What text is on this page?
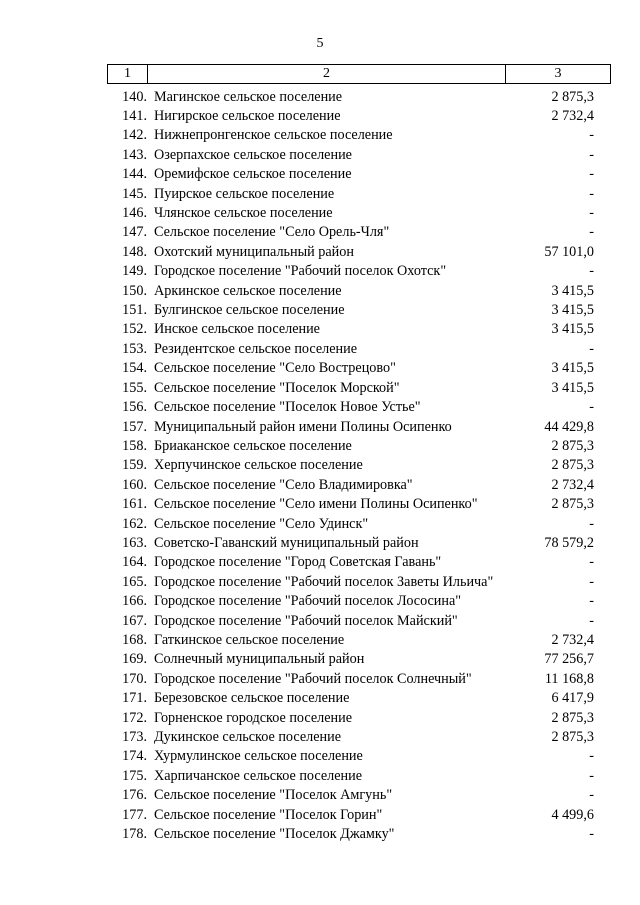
5
1	2	3
140. Магинское сельское поселение	2 875,3
141. Нигирское сельское поселение	2 732,4
142. Нижнепронгенское сельское поселение	-
143. Озерпахское сельское поселение	-
144. Оремифское сельское поселение	-
145. Пуирское сельское поселение	-
146. Члянское сельское поселение	-
147. Сельское поселение "Село Орель-Чля"	-
148. Охотский муниципальный район	57 101,0
149. Городское поселение "Рабочий поселок Охотск"	-
150. Аркинское сельское поселение	3 415,5
151. Булгинское сельское поселение	3 415,5
152. Инское сельское поселение	3 415,5
153. Резидентское сельское поселение	-
154. Сельское поселение "Село Вострецово"	3 415,5
155. Сельское поселение "Поселок Морской"	3 415,5
156. Сельское поселение "Поселок Новое Устье"	-
157. Муниципальный район имени Полины Осипенко	44 429,8
158. Бриаканское сельское поселение	2 875,3
159. Херпучинское сельское поселение	2 875,3
160. Сельское поселение "Село Владимировка"	2 732,4
161. Сельское поселение "Село имени Полины Осипенко"	2 875,3
162. Сельское поселение "Село Удинск"	-
163. Советско-Гаванский муниципальный район	78 579,2
164. Городское поселение "Город Советская Гавань"	-
165. Городское поселение "Рабочий поселок Заветы Ильича"	-
166. Городское поселение "Рабочий поселок Лососина"	-
167. Городское поселение "Рабочий поселок Майский"	-
168. Гаткинское сельское поселение	2 732,4
169. Солнечный муниципальный район	77 256,7
170. Городское поселение "Рабочий поселок Солнечный"	11 168,8
171. Березовское сельское поселение	6 417,9
172. Горненское городское поселение	2 875,3
173. Дукинское сельское поселение	2 875,3
174. Хурмулинское сельское поселение	-
175. Харпичанское сельское поселение	-
176. Сельское поселение "Поселок Амгунь"	-
177. Сельское поселение "Поселок Горин"	4 499,6
178. Сельское поселение "Поселок Джамку"	-
